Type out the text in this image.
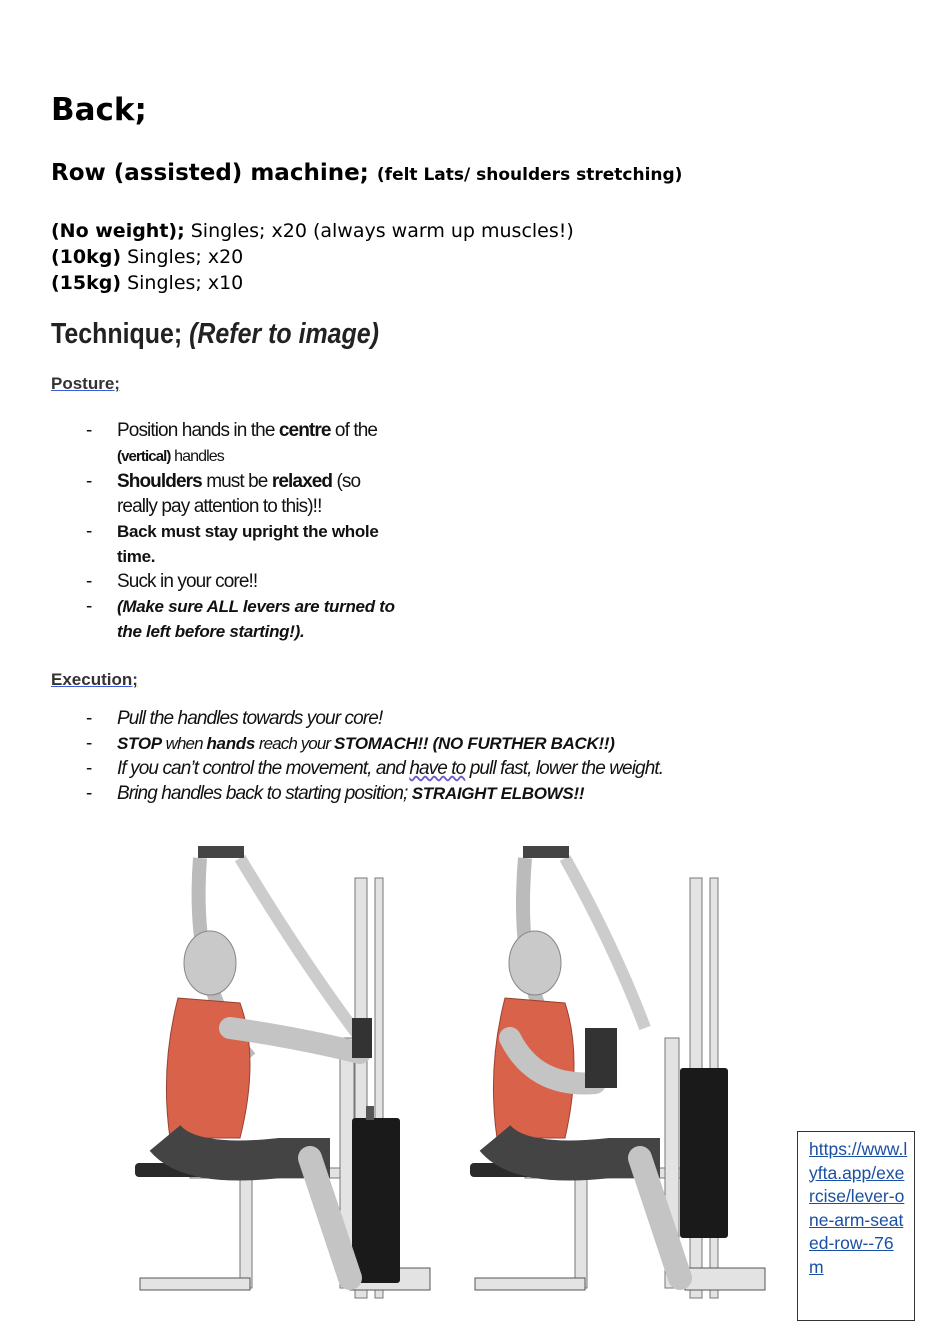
Back;
Row (assisted) machine; (felt Lats/ shoulders stretching)
(No weight); Singles; x20 (always warm up muscles!)
(10kg) Singles; x20
(15kg) Singles; x10
Technique; (Refer to image)
Posture;
- Position hands in the centre of the
(vertical) handles
- Shoulders must be relaxed (so
really pay attention to this)!!
- Back must stay upright the whole
time.
- Suck in your core!!
- (Make sure ALL levers are turned to
the left before starting!).
Execution;
- Pull the handles towards your core!
- STOP when hands reach your STOMACH!! (NO FURTHER BACK!!)
- If you can’t control the movement, and have to pull fast, lower the weight.
- Bring handles back to starting position; STRAIGHT ELBOWS!!
https://www.lyfta.app/exercise/lever-one-arm-seated-row--76m
